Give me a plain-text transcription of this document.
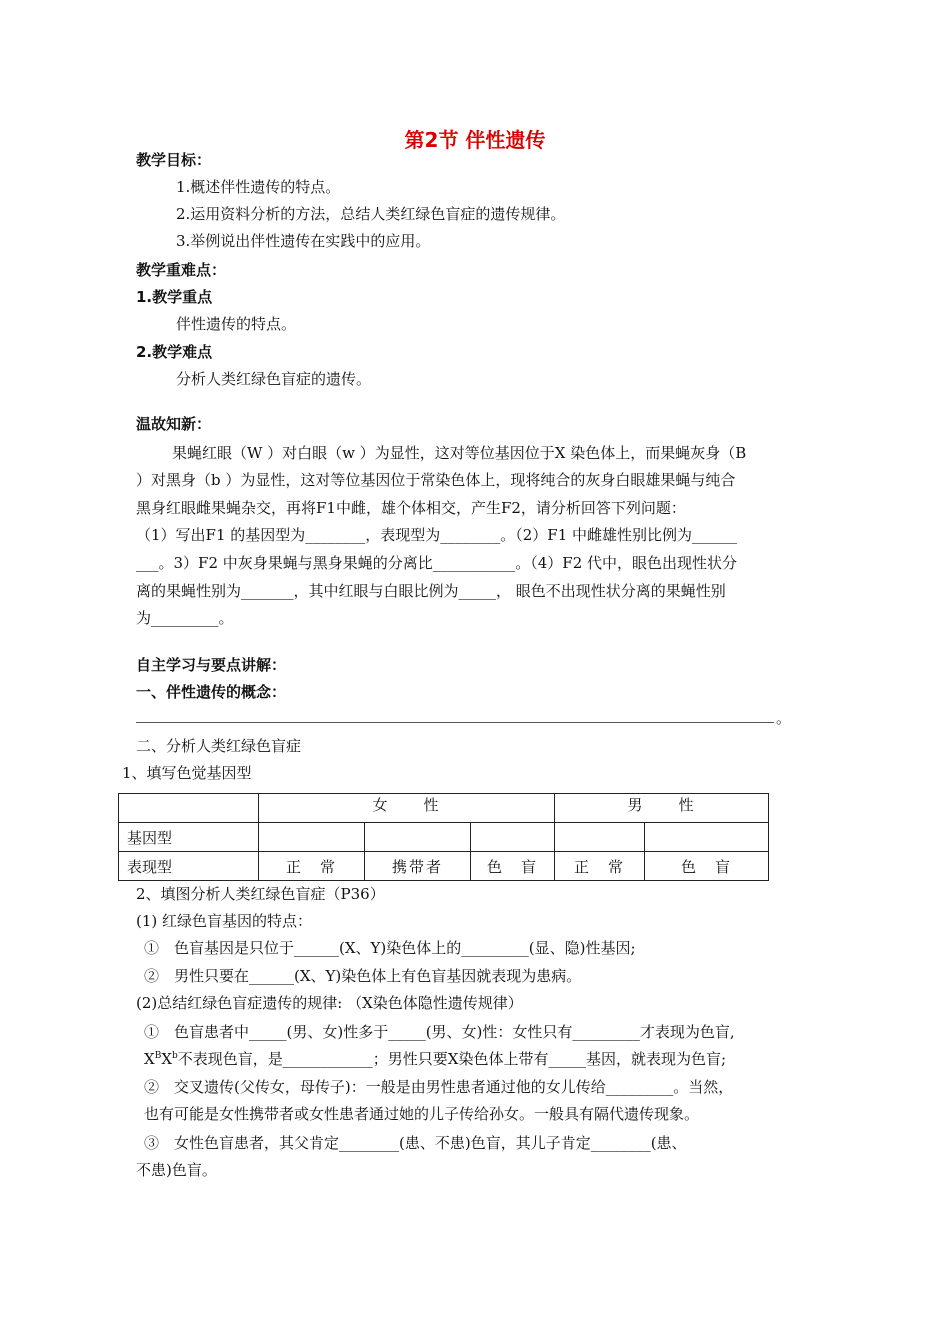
第2节 伴性遗传
教学目标：
1.概述伴性遗传的特点。
2.运用资料分析的方法，总结人类红绿色盲症的遗传规律。
3.举例说出伴性遗传在实践中的应用。
教学重难点：
1.教学重点
伴性遗传的特点。
2.教学难点
分析人类红绿色盲症的遗传。
温故知新：
果蝇红眼（W ）对白眼（w ）为显性，这对等位基因位于X 染色体上，而果蝇灰身（B
）对黑身（b ）为显性，这对等位基因位于常染色体上，现将纯合的灰身白眼雄果蝇与纯合
黑身红眼雌果蝇杂交，再将F1中雌，雄个体相交，产生F2，请分析回答下列问题：
（1）写出F1 的基因型为________，表现型为________。（2）F1 中雌雄性别比例为______
___。3）F2 中灰身果蝇与黑身果蝇的分离比___________。（4）F2 代中，眼色出现性状分
离的果蝇性别为_______，其中红眼与白眼比例为_____， 眼色不出现性状分离的果蝇性别
为_________。
自主学习与要点讲解：
一、伴性遗传的概念：
。
二、分析人类红绿色盲症
1、填写色觉基因型
	女　　性			男　　性	
基因型					
表现型	正　常	携带者	色　盲	正　常	色　盲
2、填图分析人类红绿色盲症（P36）
(1) 红绿色盲基因的特点：
①　色盲基因是只位于______(X、Y)染色体上的_________(显、隐)性基因;
②　男性只要在______(X、Y)染色体上有色盲基因就表现为患病。
(2)总结红绿色盲症遗传的规律: （X染色体隐性遗传规律）
①　色盲患者中_____(男、女)性多于_____(男、女)性：女性只有_________才表现为色盲,
$X^BX^b$不表现色盲，是____________；男性只要X染色体上带有_____基因，就表现为色盲;
②　交叉遗传(父传女，母传子)：一般是由男性患者通过他的女儿传给_________。当然，
也有可能是女性携带者或女性患者通过她的儿子传给孙女。一般具有隔代遗传现象。
③　女性色盲患者，其父肯定________(患、不患)色盲，其儿子肯定________(患、
不患)色盲。
